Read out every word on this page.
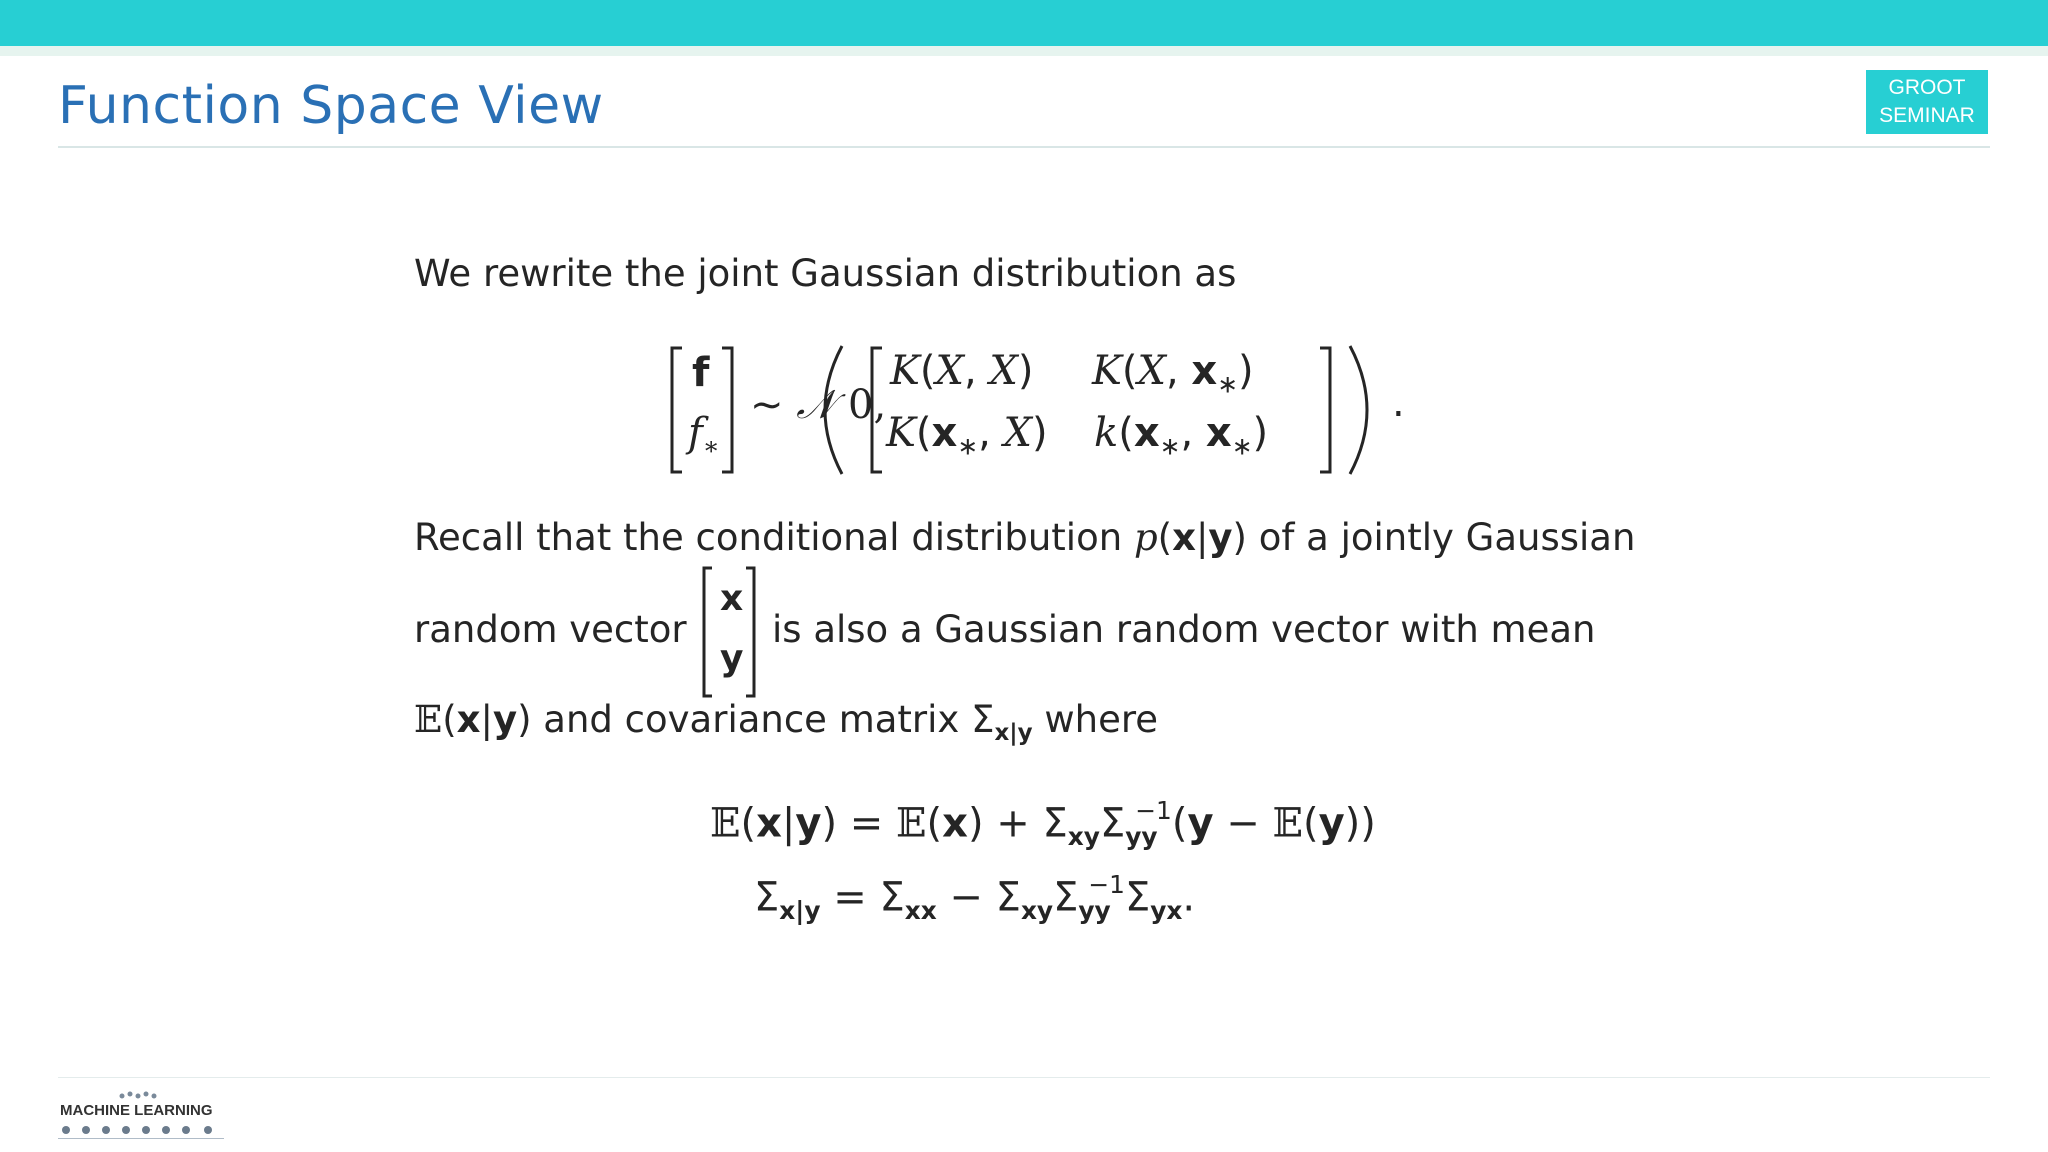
Function Space View	GROOT
SEMINAR

We rewrite the joint Gaussian distribution as

f
$f_∗$
∼ 𝒩 0,
K(X, X) K(X, $x_∗$)
$K(x_∗$, X) $k(x_∗$, $x_∗$)
.

Recall that the conditional distribution p(x|y) of a jointly Gaussian

random vector

x
y

is also a Gaussian random vector with mean

𝔼(x|y) and covariance matrix $\Sigma_{x|y}$ where

𝔼(x|y) = 𝔼(x) + $\Sigma_{xy}\Sigma_{yy}^{-1}(y$ − 𝔼(y))
$\Sigma_{x|y} = \Sigma_{xx} - \Sigma_{xy}\Sigma_{yy}^{-1}\Sigma_{yx}$.
MACHINE LEARNING
